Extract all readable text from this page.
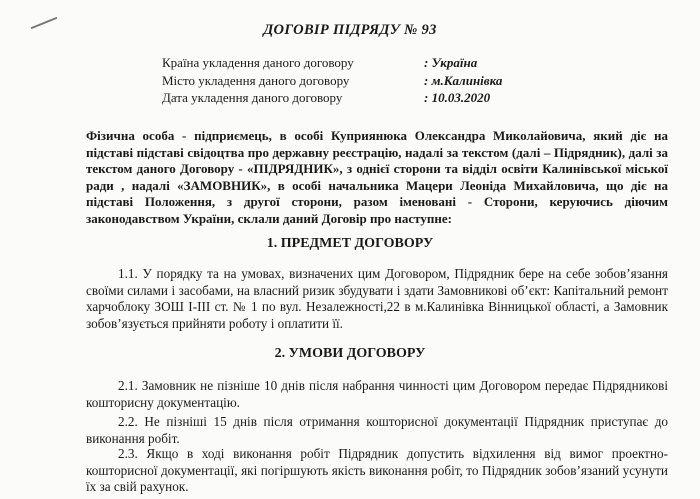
ДОГОВІР ПІДРЯДУ № 93
Країна укладення даного договору	: Україна
Місто укладення даного договору	: м.Калинівка
Дата укладення даного договору	: 10.03.2020
Фізична особа - підприємець, в особі Куприянюка Олександра Миколайовича, який діє на підставі підставі свідоцтва про державну реєстрацію, надалі за текстом (далі – Підрядник), далі за текстом даного Договору - «ПІДРЯДНИК», з однієї сторони та відділ освіти Калинівської міської ради , надалі «ЗАМОВНИК», в особі начальника Мацери Леоніда Михайловича, що діє на підставі Положення, з другої сторони, разом іменовані - Сторони, керуючись діючим законодавством України, склали даний Договір про наступне:
1. ПРЕДМЕТ ДОГОВОРУ
1.1. У порядку та на умовах, визначених цим Договором, Підрядник бере на себе зобов’язання своїми силами і засобами, на власний ризик збудувати і здати Замовникові об’єкт: Капітальний ремонт харчоблоку ЗОШ І-ІІІ ст. № 1 по вул. Незалежності,22 в м.Калинівка Вінницької області, а Замовник зобов’язується прийняти роботу і оплатити її.
2. УМОВИ ДОГОВОРУ
2.1. Замовник не пізніше 10 днів після набрання чинності цим Договором передає Підрядникові кошторисну документацію.
2.2. Не пізніші 15 днів після отримання кошторисної документації Підрядник приступає до виконання робіт.
2.3. Якщо в ході виконання робіт Підрядник допустить відхилення від вимог проектно-кошторисної документації, які погіршують якість виконання робіт, то Підрядник зобов’язаний усунути їх за свій рахунок.
